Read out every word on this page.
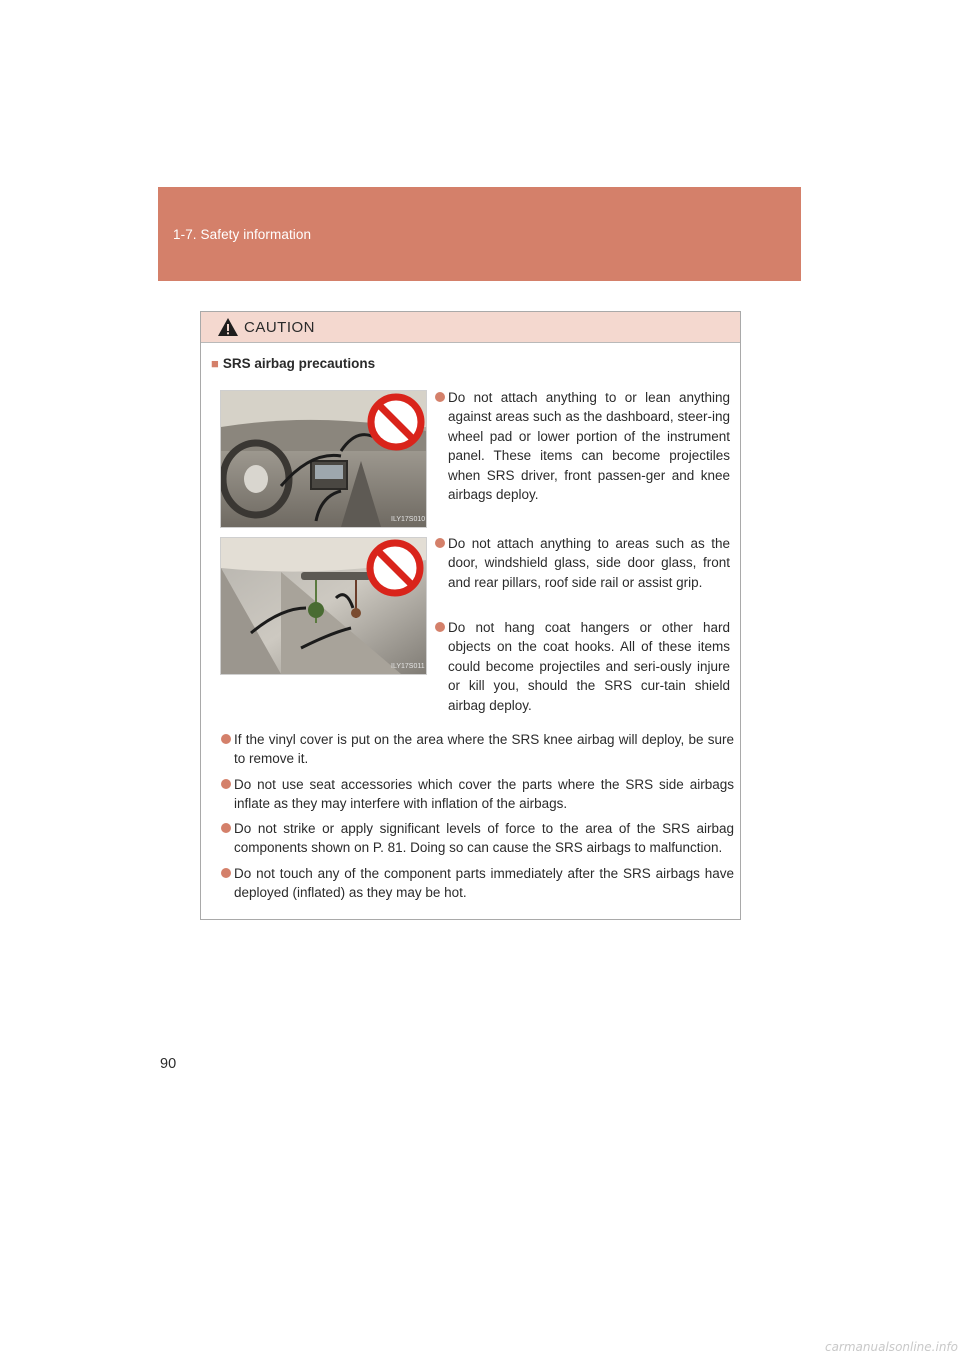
1-7. Safety information

CAUTION

■ SRS airbag precautions

ILY17S010
ILY17S011

Do not attach anything to or lean anything against areas such as the dashboard, steer-ing wheel pad or lower portion of the instrument panel. These items can become projectiles when SRS driver, front passen-ger and knee airbags deploy.

Do not attach anything to areas such as the door, windshield glass, side door glass, front and rear pillars, roof side rail or assist grip.

Do not hang coat hangers or other hard objects on the coat hooks. All of these items could become projectiles and seri-ously injure or kill you, should the SRS cur-tain shield airbag deploy.

If the vinyl cover is put on the area where the SRS knee airbag will deploy, be sure to remove it.

Do not use seat accessories which cover the parts where the SRS side airbags inflate as they may interfere with inflation of the airbags.

Do not strike or apply significant levels of force to the area of the SRS airbag components shown on P. 81. Doing so can cause the SRS airbags to malfunction.

Do not touch any of the component parts immediately after the SRS airbags have deployed (inflated) as they may be hot.

90
carmanualsonline.info
